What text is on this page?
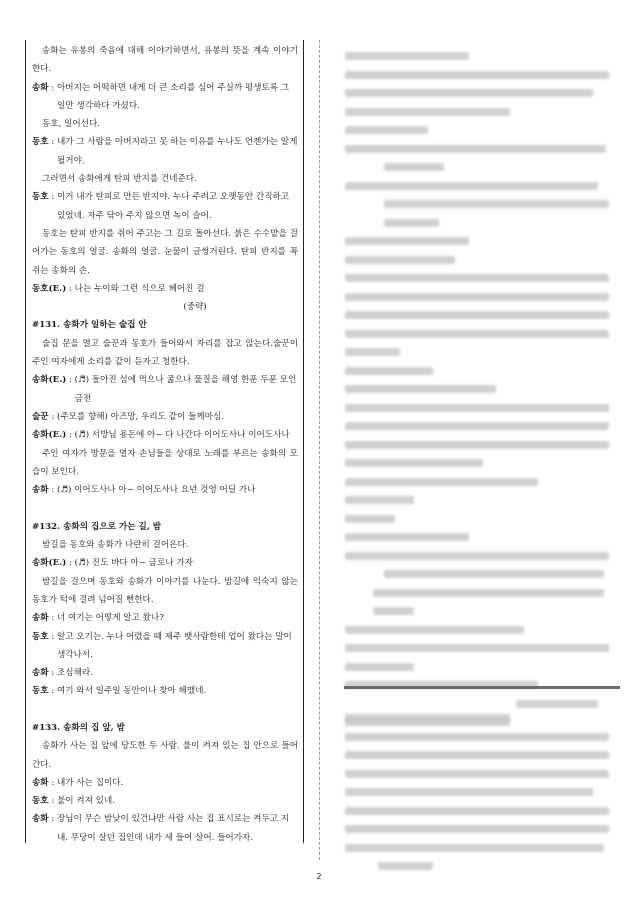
송화는 유봉의 죽음에 대해 이야기하면서, 유봉의 뜻을 계속 이야기한다.

송화 : 아버지는 어떡하면 내게 더 큰 소리를 심어 주실까 평생토록 그 일만 생각하다 가셨다.

동호, 일어선다.

동호 : 내가 그 사람을 아버지라고 못 하는 이유를 누나도 언젠가는 알게 될거야.

그러면서 송화에게 탄피 반지를 건네준다.

동호 : 이거 내가 탄피로 만든 반지야. 누나 주려고 오랫동안 간직하고 있었네. 자주 닦아 주지 않으면 녹이 슬어.

동호는 탄피 반지를 쥐어 주고는 그 길로 돌아선다. 붉은 수수밭을 걸어가는 동호의 얼굴. 송화의 얼굴. 눈물이 글썽거린다. 탄피 반지를 꼭 쥐는 송화의 손.

동호(E.) : 나는 누이와 그런 식으로 헤어진 걸

(중략)

#131. 송화가 일하는 술집 안

술집 문을 열고 술꾼과 동호가 들어와서 자리를 잡고 앉는다.술꾼이 주인 여자에게 소리를 같이 듣자고 청한다.

송화(E.) : (♬) 돌아진 섬에 먹으나 굶으나 물질을 해영 한푼 두푼 모인 금전
술꾼 : (주모를 향해) 아즈망, 우리도 같이 들께마심.
송화(E.) : (♬) 서방님 용돈에 아~ 다 나간다 이어도사나 이어도사나

주인 여자가 방문을 열자 손님들을 상대로 노래를 부르는 송화의 모습이 보인다.

송화 : (♬) 이어도사나 아~ 이어도사나 요년 것엉 어딜 가나

#132. 송화의 집으로 가는 길, 밤

밤길을 동호와 송화가 나란히 걸어온다.

송화(E.) : (♬) 진도 바다 아~ 금로나 가자

밤길을 걸으며 동호와 송화가 이야기를 나눈다. 밤길에 익숙지 않는 동호가 턱에 걸려 넘어질 뻔한다.

송화 : 너 여기는 어떻게 알고 왔나?
동호 : 알고 오기는. 누나 어렸을 때 제주 뱃사람한테 업어 왔다는 말이 생각나서.
송화 : 조심해라.
동호 : 여기 와서 일주일 동안이나 찾아 헤맸네.

#133. 송화의 집 앞, 밤

송화가 사는 집 앞에 당도한 두 사람. 불이 켜져 있는 집 안으로 들어간다.

송화 : 내가 사는 집이다.
동호 : 불이 켜져 있네.
송화 : 장님이 무슨 밤낮이 있건냐만 사람 사는 집 표시로는 켜두고 지내. 무당이 살던 집인데 내가 세 들어 살어. 들어가자.
2
